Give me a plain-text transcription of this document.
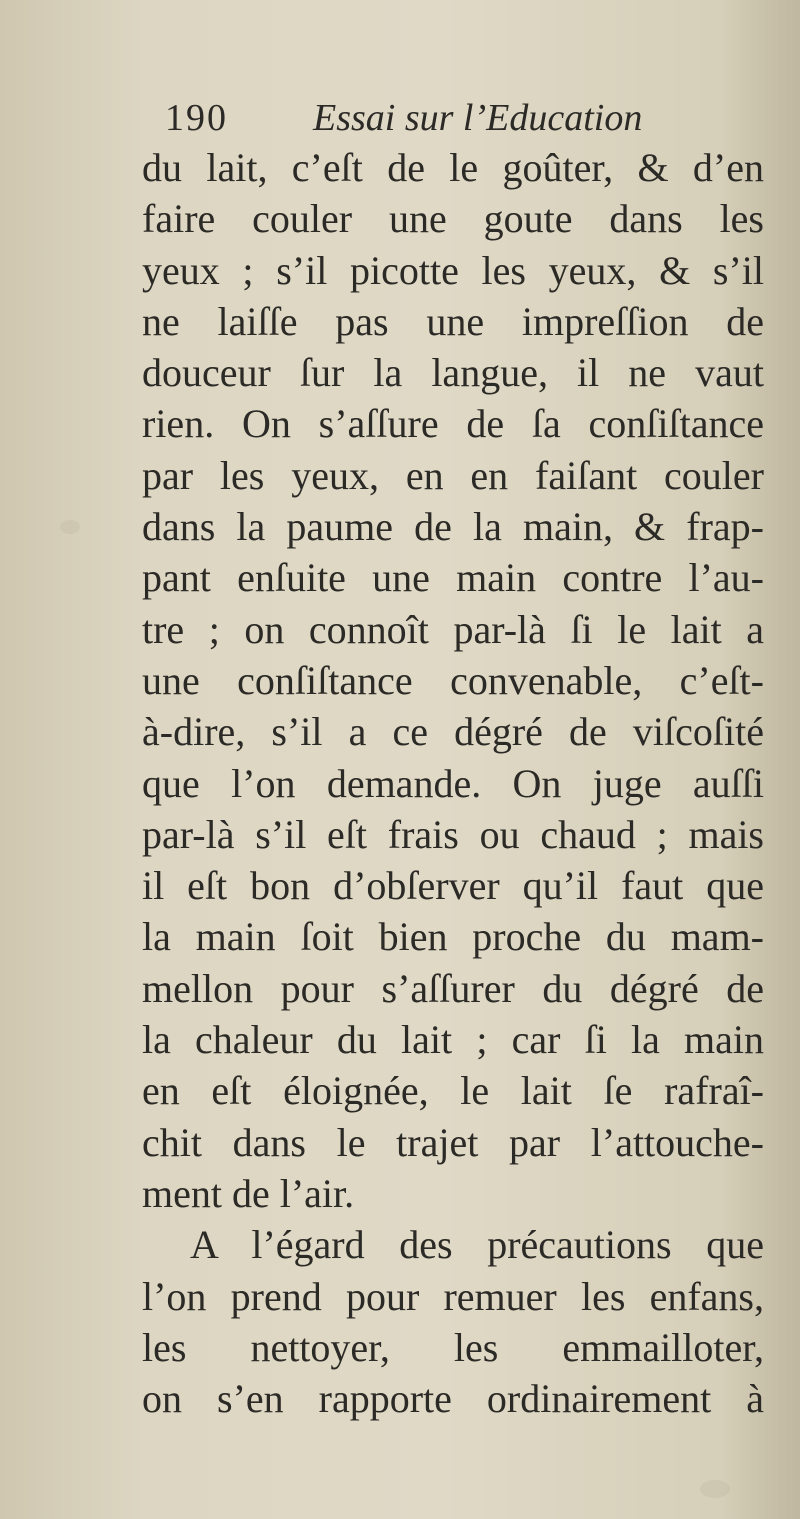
190 Essai sur l’Education
du lait, c’eſt de le goûter, & d’en
faire couler une goute dans les
yeux ; s’il picotte les yeux, & s’il
ne laiſſe pas une impreſſion de
douceur ſur la langue, il ne vaut
rien. On s’aſſure de ſa conſiſtance
par les yeux, en en faiſant couler
dans la paume de la main, & frap-
pant enſuite une main contre l’au-
tre ; on connoît par-là ſi le lait a
une conſiſtance convenable, c’eſt-
à-dire, s’il a ce dégré de viſcoſité
que l’on demande. On juge auſſi
par-là s’il eſt frais ou chaud ; mais
il eſt bon d’obſerver qu’il faut que
la main ſoit bien proche du mam-
mellon pour s’aſſurer du dégré de
la chaleur du lait ; car ſi la main
en eſt éloignée, le lait ſe rafraî-
chit dans le trajet par l’attouche-
ment de l’air.
A l’égard des précautions que
l’on prend pour remuer les enfans,
les nettoyer, les emmailloter,
on s’en rapporte ordinairement à
